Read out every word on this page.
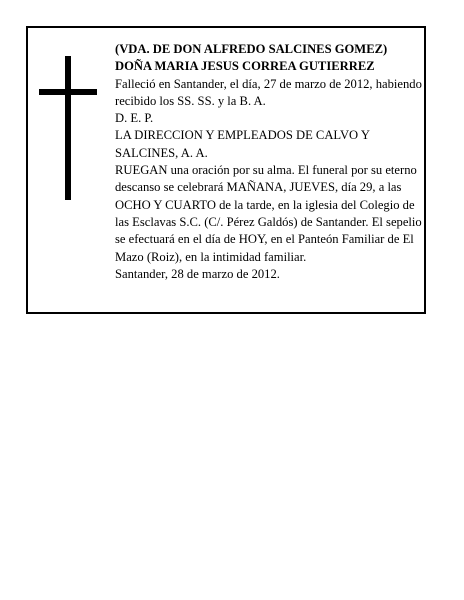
(VDA. DE DON ALFREDO SALCINES GOMEZ)
DOÑA MARIA JESUS CORREA GUTIERREZ
Falleció en Santander, el día, 27 de marzo de 2012, habiendo recibido los SS. SS. y la B. A.
D. E. P.
LA DIRECCION Y EMPLEADOS DE CALVO Y SALCINES, A. A.
RUEGAN una oración por su alma. El funeral por su eterno descanso se celebrará MAÑANA, JUEVES, día 29, a las OCHO Y CUARTO de la tarde, en la iglesia del Colegio de las Esclavas S.C. (C/. Pérez Galdós) de Santander. El sepelio se efectuará en el día de HOY, en el Panteón Familiar de El Mazo (Roiz), en la intimidad familiar.
Santander, 28 de marzo de 2012.
